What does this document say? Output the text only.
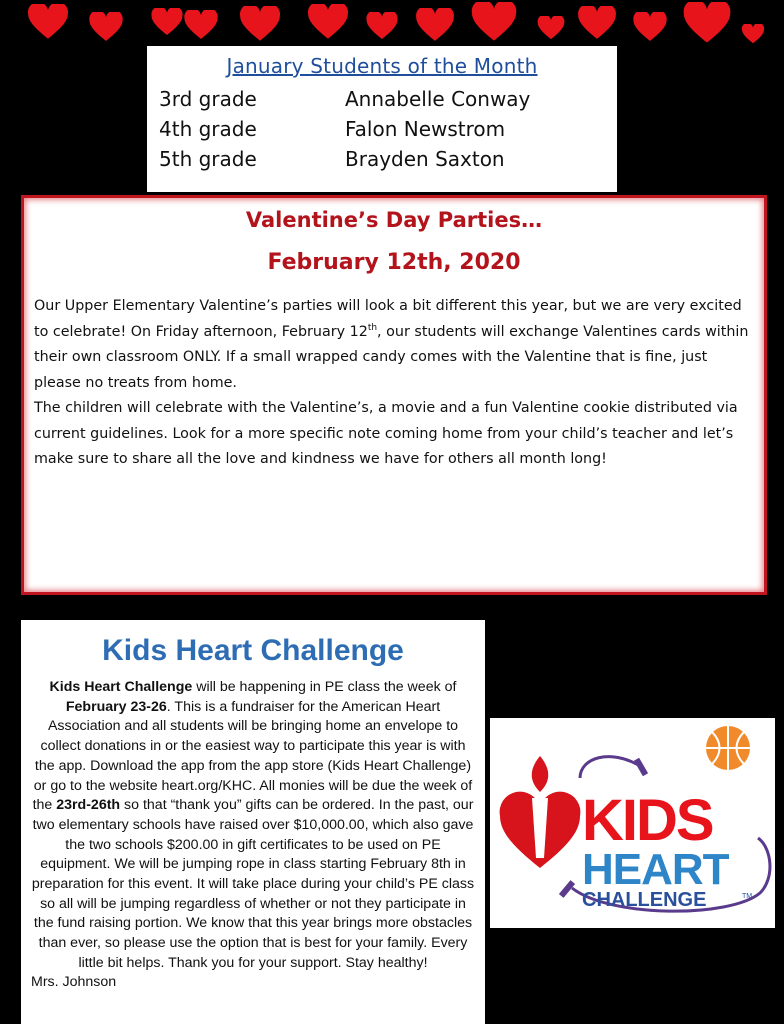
January Students of the Month
3rd grade	Annabelle Conway
4th grade	Falon Newstrom
5th grade	Brayden Saxton
Valentine’s Day Parties…
February 12th, 2020

Our Upper Elementary Valentine’s parties will look a bit different this year, but we are very excited to celebrate! On Friday afternoon, February 12th, our students will exchange Valentines cards within their own classroom ONLY. If a small wrapped candy comes with the Valentine that is fine, just please no treats from home.

The children will celebrate with the Valentine’s, a movie and a fun Valentine cookie distributed via current guidelines. Look for a more specific note coming home from your child’s teacher and let’s make sure to share all the love and kindness we have for others all month long!

Kids Heart Challenge
Kids Heart Challenge will be happening in PE class the week of February 23-26. This is a fundraiser for the American Heart Association and all students will be bringing home an envelope to collect donations in or the easiest way to participate this year is with the app. Download the app from the app store (Kids Heart Challenge) or go to the website heart.org/KHC. All monies will be due the week of the 23rd-26th so that “thank you” gifts can be ordered. In the past, our two elementary schools have raised over $10,000.00, which also gave the two schools $200.00 in gift certificates to be used on PE equipment. We will be jumping rope in class starting February 8th in preparation for this event. It will take place during your child’s PE class so all will be jumping regardless of whether or not they participate in the fund raising portion. We know that this year brings more obstacles than ever, so please use the option that is best for your family. Every little bit helps. Thank you for your support. Stay healthy!
Mrs. Johnson
KIDS
HEART
CHALLENGE	TM
